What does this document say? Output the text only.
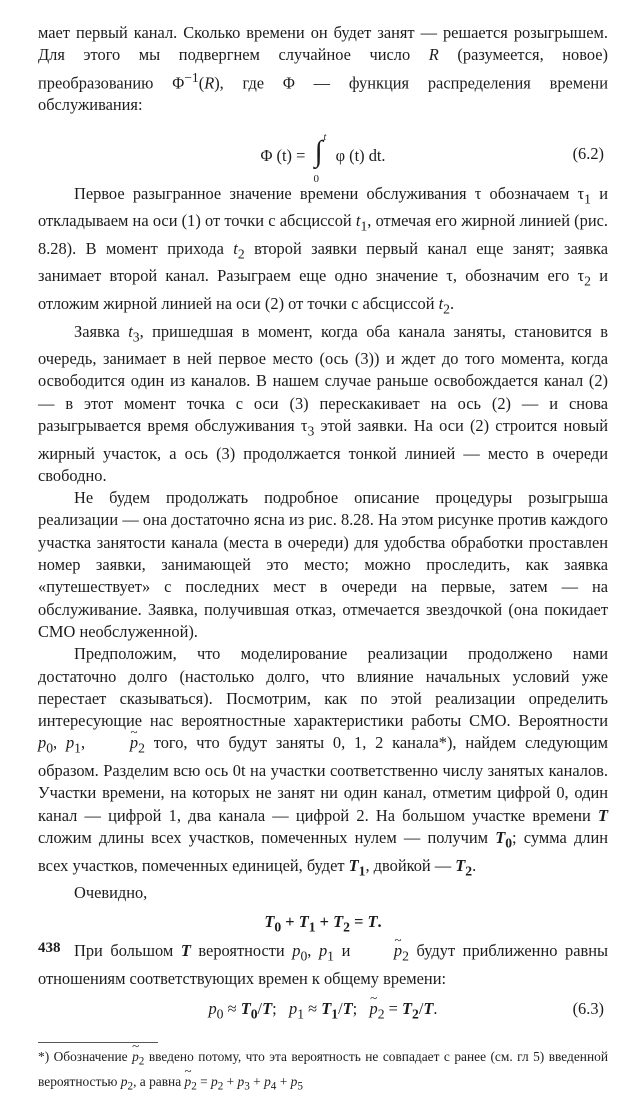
мает первый канал. Сколько времени он будет занят — решается розыгрышем. Для этого мы подвергнем случайное число R (разумеется, новое) преобразованию $\Phi^{-1}(R)$, где Φ — функция распределения времени обслуживания:

Φ (t) = ∫ t
0
φ (t) dt.	(6.2)

Первое разыгранное значение времени обслуживания τ обозначаем $\tau_1$ и откладываем на оси (1) от точки с абсциссой $t_1$, отмечая его жирной линией (рис. 8.28). В момент прихода $t_2$ второй заявки первый канал еще занят; заявка занимает второй канал. Разыграем еще одно значение τ, обозначим его $\tau_2$ и отложим жирной линией на оси (2) от точки с абсциссой $t_2$.

Заявка $t_3$, пришедшая в момент, когда оба канала заняты, становится в очередь, занимает в ней первое место (ось (3)) и ждет до того момента, когда освободится один из каналов. В нашем случае раньше освобождается канал (2) — в этот момент точка с оси (3) перескакивает на ось (2) — и снова разыгрывается время обслуживания $\tau_3$ этой заявки. На оси (2) строится новый жирный участок, а ось (3) продолжается тонкой линией — место в очереди свободно.

Не будем продолжать подробное описание процедуры розыгрыша реализации — она достаточно ясна из рис. 8.28. На этом рисунке против каждого участка занятости канала (места в очереди) для удобства обработки проставлен номер заявки, занимающей это место; можно проследить, как заявка «путешествует» с последних мест в очереди на первые, затем — на обслуживание. Заявка, получившая отказ, отмечается звездочкой (она покидает СМО необслуженной).

Предположим, что моделирование реализации продолжено нами достаточно долго (настолько долго, что влияние начальных условий уже перестает сказываться). Посмотрим, как по этой реализации определить интересующие нас вероятностные характеристики работы СМО. Вероятности $p_0$, $p_1$, ~ $p_2$ того, что будут заняты 0, 1, 2 канала*), найдем следующим образом. Разделим всю ось 0t на участки соответственно числу занятых каналов. Участки времени, на которых не занят ни один канал, отметим цифрой 0, один канал — цифрой 1, два канала — цифрой 2. На большом участке времени T сложим длины всех участков, помеченных нулем — получим $T_0$; сумма длин всех участков, помеченных единицей, будет $T_1$, двойкой — $T_2$.

Очевидно,

$T_0 + T_1 + T_2 = T$.

При большом T вероятности $p_0$, $p_1$ и ~ $p_2$ будут приближенно равны отношениям соответствующих времен к общему времени:

$p_0 \approx T_0/T$;   $p_1 \approx T_1/T$;   ~ $p_2 = T_2/T$.	(6.3)

*) Обозначение ~ $p_2$ введено потому, что эта вероятность не совпадает с ранее (см. гл 5) введенной вероятностью $p_2$, а равна ~ $p_2 = p_2 + p_3 + p_4 + p_5$

438
